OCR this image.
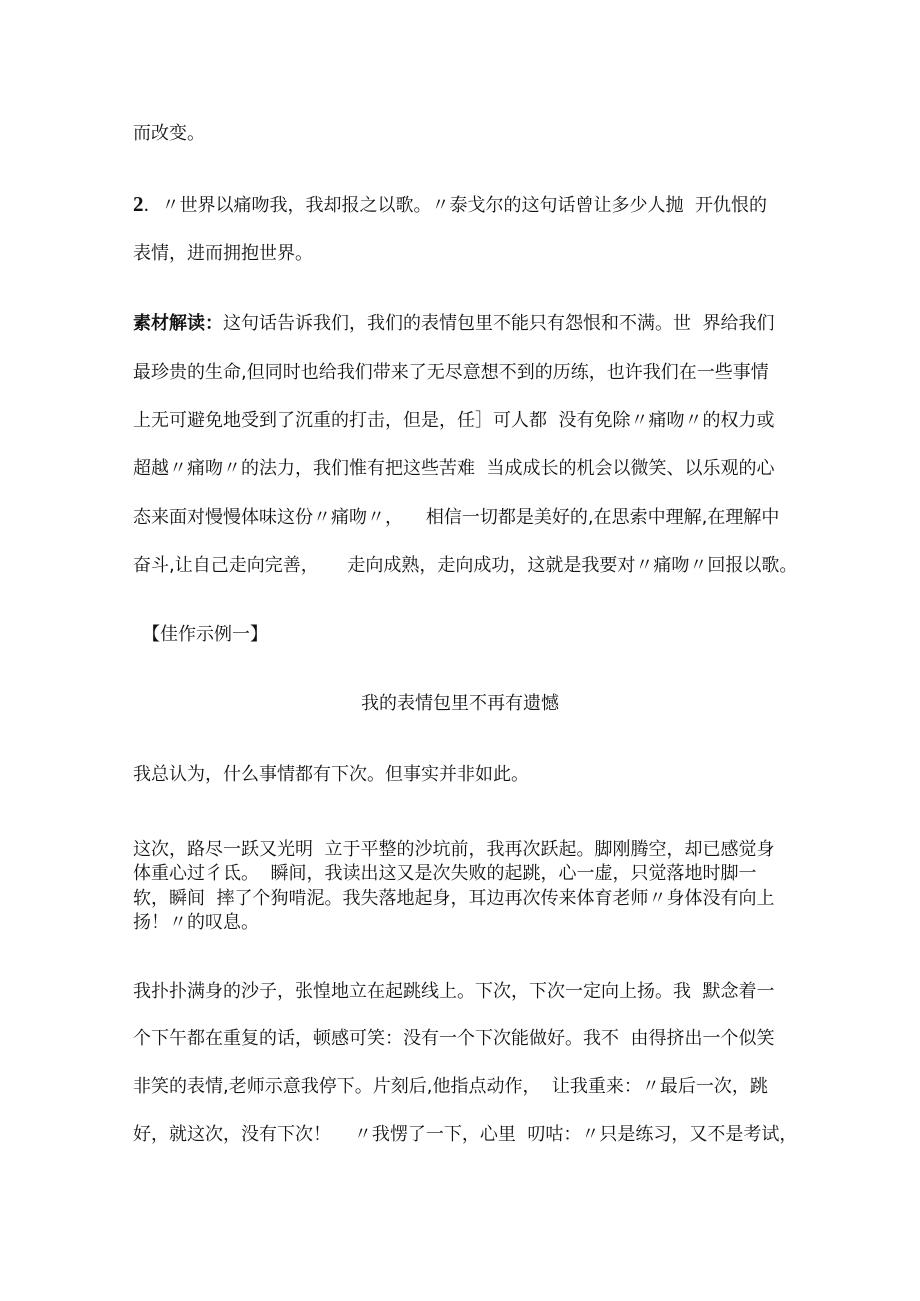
而改变。

2．〃世界以痛吻我，我却报之以歌。〃泰戈尔的这句话曾让多少人抛  开仇恨的

表情，进而拥抱世界。

素材解读：这句话告诉我们，我们的表情包里不能只有怨恨和不满。世  界给我们

最珍贵的生命,但同时也给我们带来了无尽意想不到的历练，也许我们在一些事情

上无可避免地受到了沉重的打击，但是，任］可人都  没有免除〃痛吻〃的权力或

超越〃痛吻〃的法力，我们惟有把这些苦难  当成成长的机会以微笑、以乐观的心

态来面对慢慢体味这份〃痛吻〃，    相信一切都是美好的,在思索中理解,在理解中

奋斗,让自己走向完善，     走向成熟，走向成功，这就是我要对〃痛吻〃回报以歌。

【佳作示例一】

我的表情包里不再有遗憾

我总认为，什么事情都有下次。但事实并非如此。

这次，路尽一跃又光明  立于平整的沙坑前，我再次跃起。脚刚腾空，却已感觉身

体重心过彳氐。  瞬间，我读出这又是次失败的起跳，心一虚，只觉落地时脚一

软，瞬间  摔了个狗啃泥。我失落地起身，耳边再次传来体育老师〃身体没有向上

扬！〃的叹息。

我扑扑满身的沙子，张惶地立在起跳线上。下次，下次一定向上扬。我  默念着一

个下午都在重复的话，顿感可笑：没有一个下次能做好。我不  由得挤出一个似笑

非笑的表情,老师示意我停下。片刻后,他指点动作，  让我重来：〃最后一次，跳

好，就这次，没有下次！    〃我愣了一下，心里  叨咕：〃只是练习，又不是考试，
